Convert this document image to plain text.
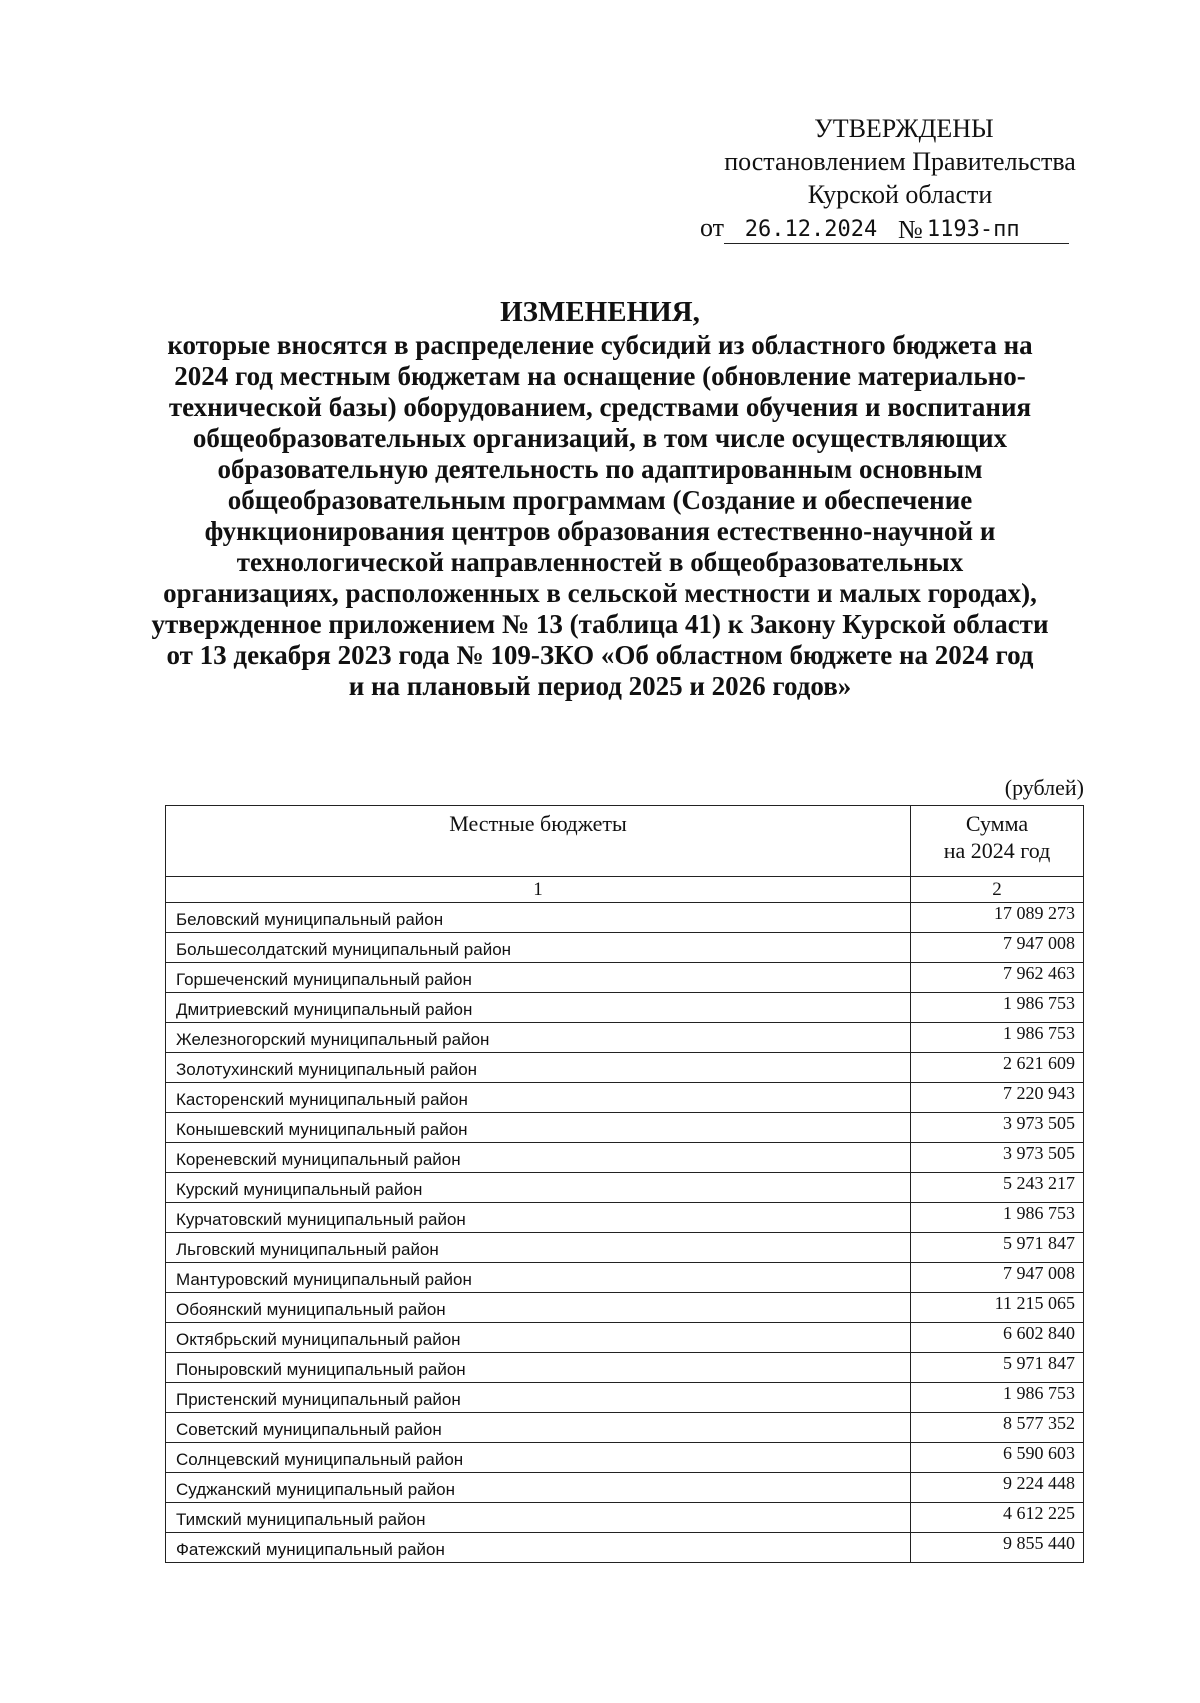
УТВЕРЖДЕНЫ
постановлением Правительства
Курской области
от 26.12.2024 № 1193-пп
ИЗМЕНЕНИЯ,
которые вносятся в распределение субсидий из областного бюджета на
2024 год местным бюджетам на оснащение (обновление материально-
технической базы) оборудованием, средствами обучения и воспитания
общеобразовательных организаций, в том числе осуществляющих
образовательную деятельность по адаптированным основным
общеобразовательным программам (Создание и обеспечение
функционирования центров образования естественно-научной и
технологической направленностей в общеобразовательных
организациях, расположенных в сельской местности и малых городах),
утвержденное приложением № 13 (таблица 41) к Закону Курской области
от 13 декабря 2023 года № 109-ЗКО «Об областном бюджете на 2024 год
и на плановый период 2025 и 2026 годов»
(рублей)
Местные бюджеты	Сумма
на 2024 год

1	2
Беловский муниципальный район	17 089 273
Большесолдатский муниципальный район	7 947 008
Горшеченский муниципальный район	7 962 463
Дмитриевский муниципальный район	1 986 753
Железногорский муниципальный район	1 986 753
Золотухинский муниципальный район	2 621 609
Касторенский муниципальный район	7 220 943
Конышевский муниципальный район	3 973 505
Кореневский муниципальный район	3 973 505
Курский муниципальный район	5 243 217
Курчатовский муниципальный район	1 986 753
Льговский муниципальный район	5 971 847
Мантуровский муниципальный район	7 947 008
Обоянский муниципальный район	11 215 065
Октябрьский муниципальный район	6 602 840
Поныровский муниципальный район	5 971 847
Пристенский муниципальный район	1 986 753
Советский муниципальный район	8 577 352
Солнцевский муниципальный район	6 590 603
Суджанский муниципальный район	9 224 448
Тимский муниципальный район	4 612 225
Фатежский муниципальный район	9 855 440
